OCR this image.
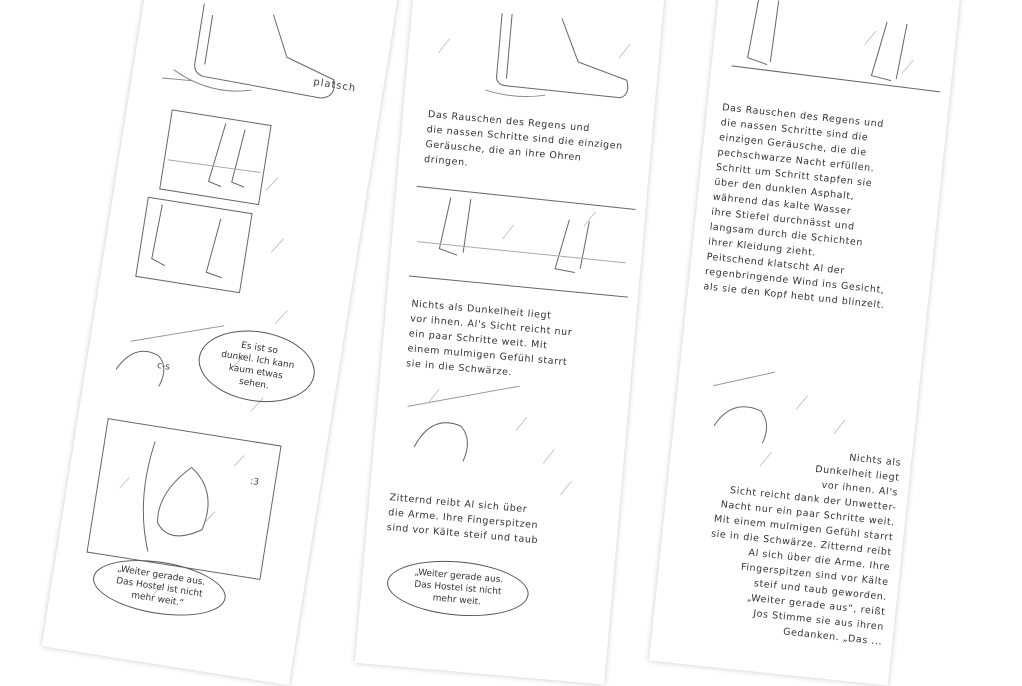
platsch
c-s
:3
Es ist so
dunkel. Ich kann
kaum etwas
sehen.
„Weiter gerade aus.
Das Hostel ist nicht
mehr weit.“
Das Rauschen des Regens und
die nassen Schritte sind die einzigen
Geräusche, die an ihre Ohren
dringen.
Nichts als Dunkelheit liegt
vor ihnen. Al's Sicht reicht nur
ein paar Schritte weit. Mit
einem mulmigen Gefühl starrt
sie in die Schwärze.
Zitternd reibt Al sich über
die Arme. Ihre Fingerspitzen
sind vor Kälte steif und taub
„Weiter gerade aus.
Das Hostel ist nicht
mehr weit.
Das Rauschen des Regens und
die nassen Schritte sind die
einzigen Geräusche, die die
pechschwarze Nacht erfüllen.
Schritt um Schritt stapfen sie
über den dunklen Asphalt,
während das kalte Wasser
ihre Stiefel durchnässt und
langsam durch die Schichten
ihrer Kleidung zieht.
Peitschend klatscht Al der
regenbringende Wind ins Gesicht,
als sie den Kopf hebt und blinzelt.
Nichts als
Dunkelheit liegt
vor ihnen. Al's
Sicht reicht dank der Unwetter-
Nacht nur ein paar Schritte weit.
Mit einem mulmigen Gefühl starrt
sie in die Schwärze. Zitternd reibt
Al sich über die Arme. Ihre
Fingerspitzen sind vor Kälte
steif und taub geworden.
„Weiter gerade aus“, reißt
Jos Stimme sie aus ihren
Gedanken. „Das ...
